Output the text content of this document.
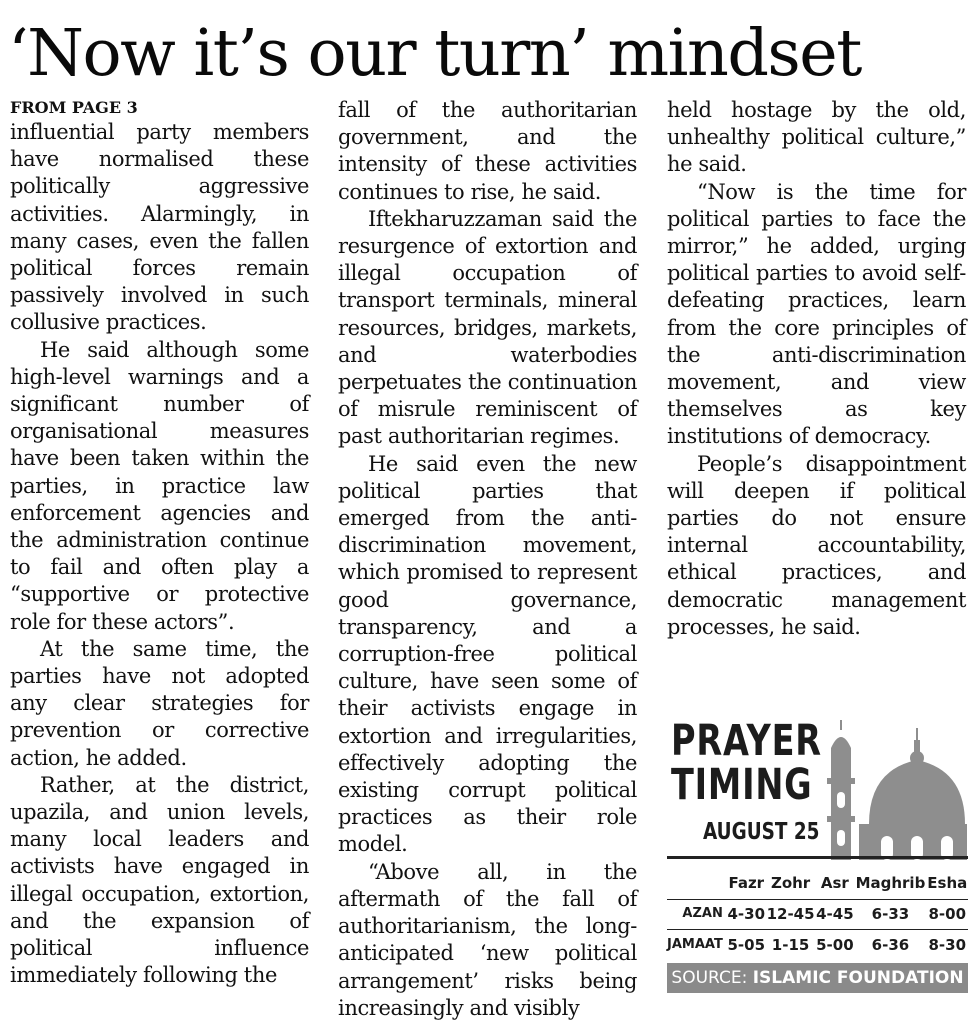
‘Now it’s our turn’ mindset
FROM PAGE 3

influential party members have normalised these politically aggressive activities. Alarmingly, in many cases, even the fallen political forces remain passively involved in such collusive practices.

He said although some high-level warnings and a significant number of organisational measures have been taken within the parties, in practice law enforcement agencies and the administration continue to fail and often play a “supportive or protective role for these actors”.

At the same time, the parties have not adopted any clear strategies for prevention or corrective action, he added.

Rather, at the district, upazila, and union levels, many local leaders and activists have engaged in illegal occupation, extortion, and the expansion of political influence immediately following the

fall of the authoritarian government, and the intensity of these activities continues to rise, he said.

Iftekharuzzaman said the resurgence of extortion and illegal occupation of transport terminals, mineral resources, bridges, markets, and waterbodies perpetuates the continuation of misrule reminiscent of past authoritarian regimes.

He said even the new political parties that emerged from the anti-discrimination movement, which promised to represent good governance, transparency, and a corruption-free political culture, have seen some of their activists engage in extortion and irregularities, effectively adopting the existing corrupt political practices as their role model.

“Above all, in the aftermath of the fall of authoritarianism, the long-anticipated ‘new political arrangement’ risks being increasingly and visibly

held hostage by the old, unhealthy political culture,” he said.

“Now is the time for political parties to face the mirror,” he added, urging political parties to avoid self-defeating practices, learn from the core principles of the anti-discrimination movement, and view themselves as key institutions of democracy.

People’s disappointment will deepen if political parties do not ensure internal accountability, ethical practices, and democratic management processes, he said.

PRAYER
TIMING
AUGUST 25
	Fazr	Zohr	Asr	Maghrib	Esha
AZAN	4-30	12-45	4-45	6-33	8-00
JAMAAT	5-05	1-15	5-00	6-36	8-30
SOURCE: ISLAMIC FOUNDATION
